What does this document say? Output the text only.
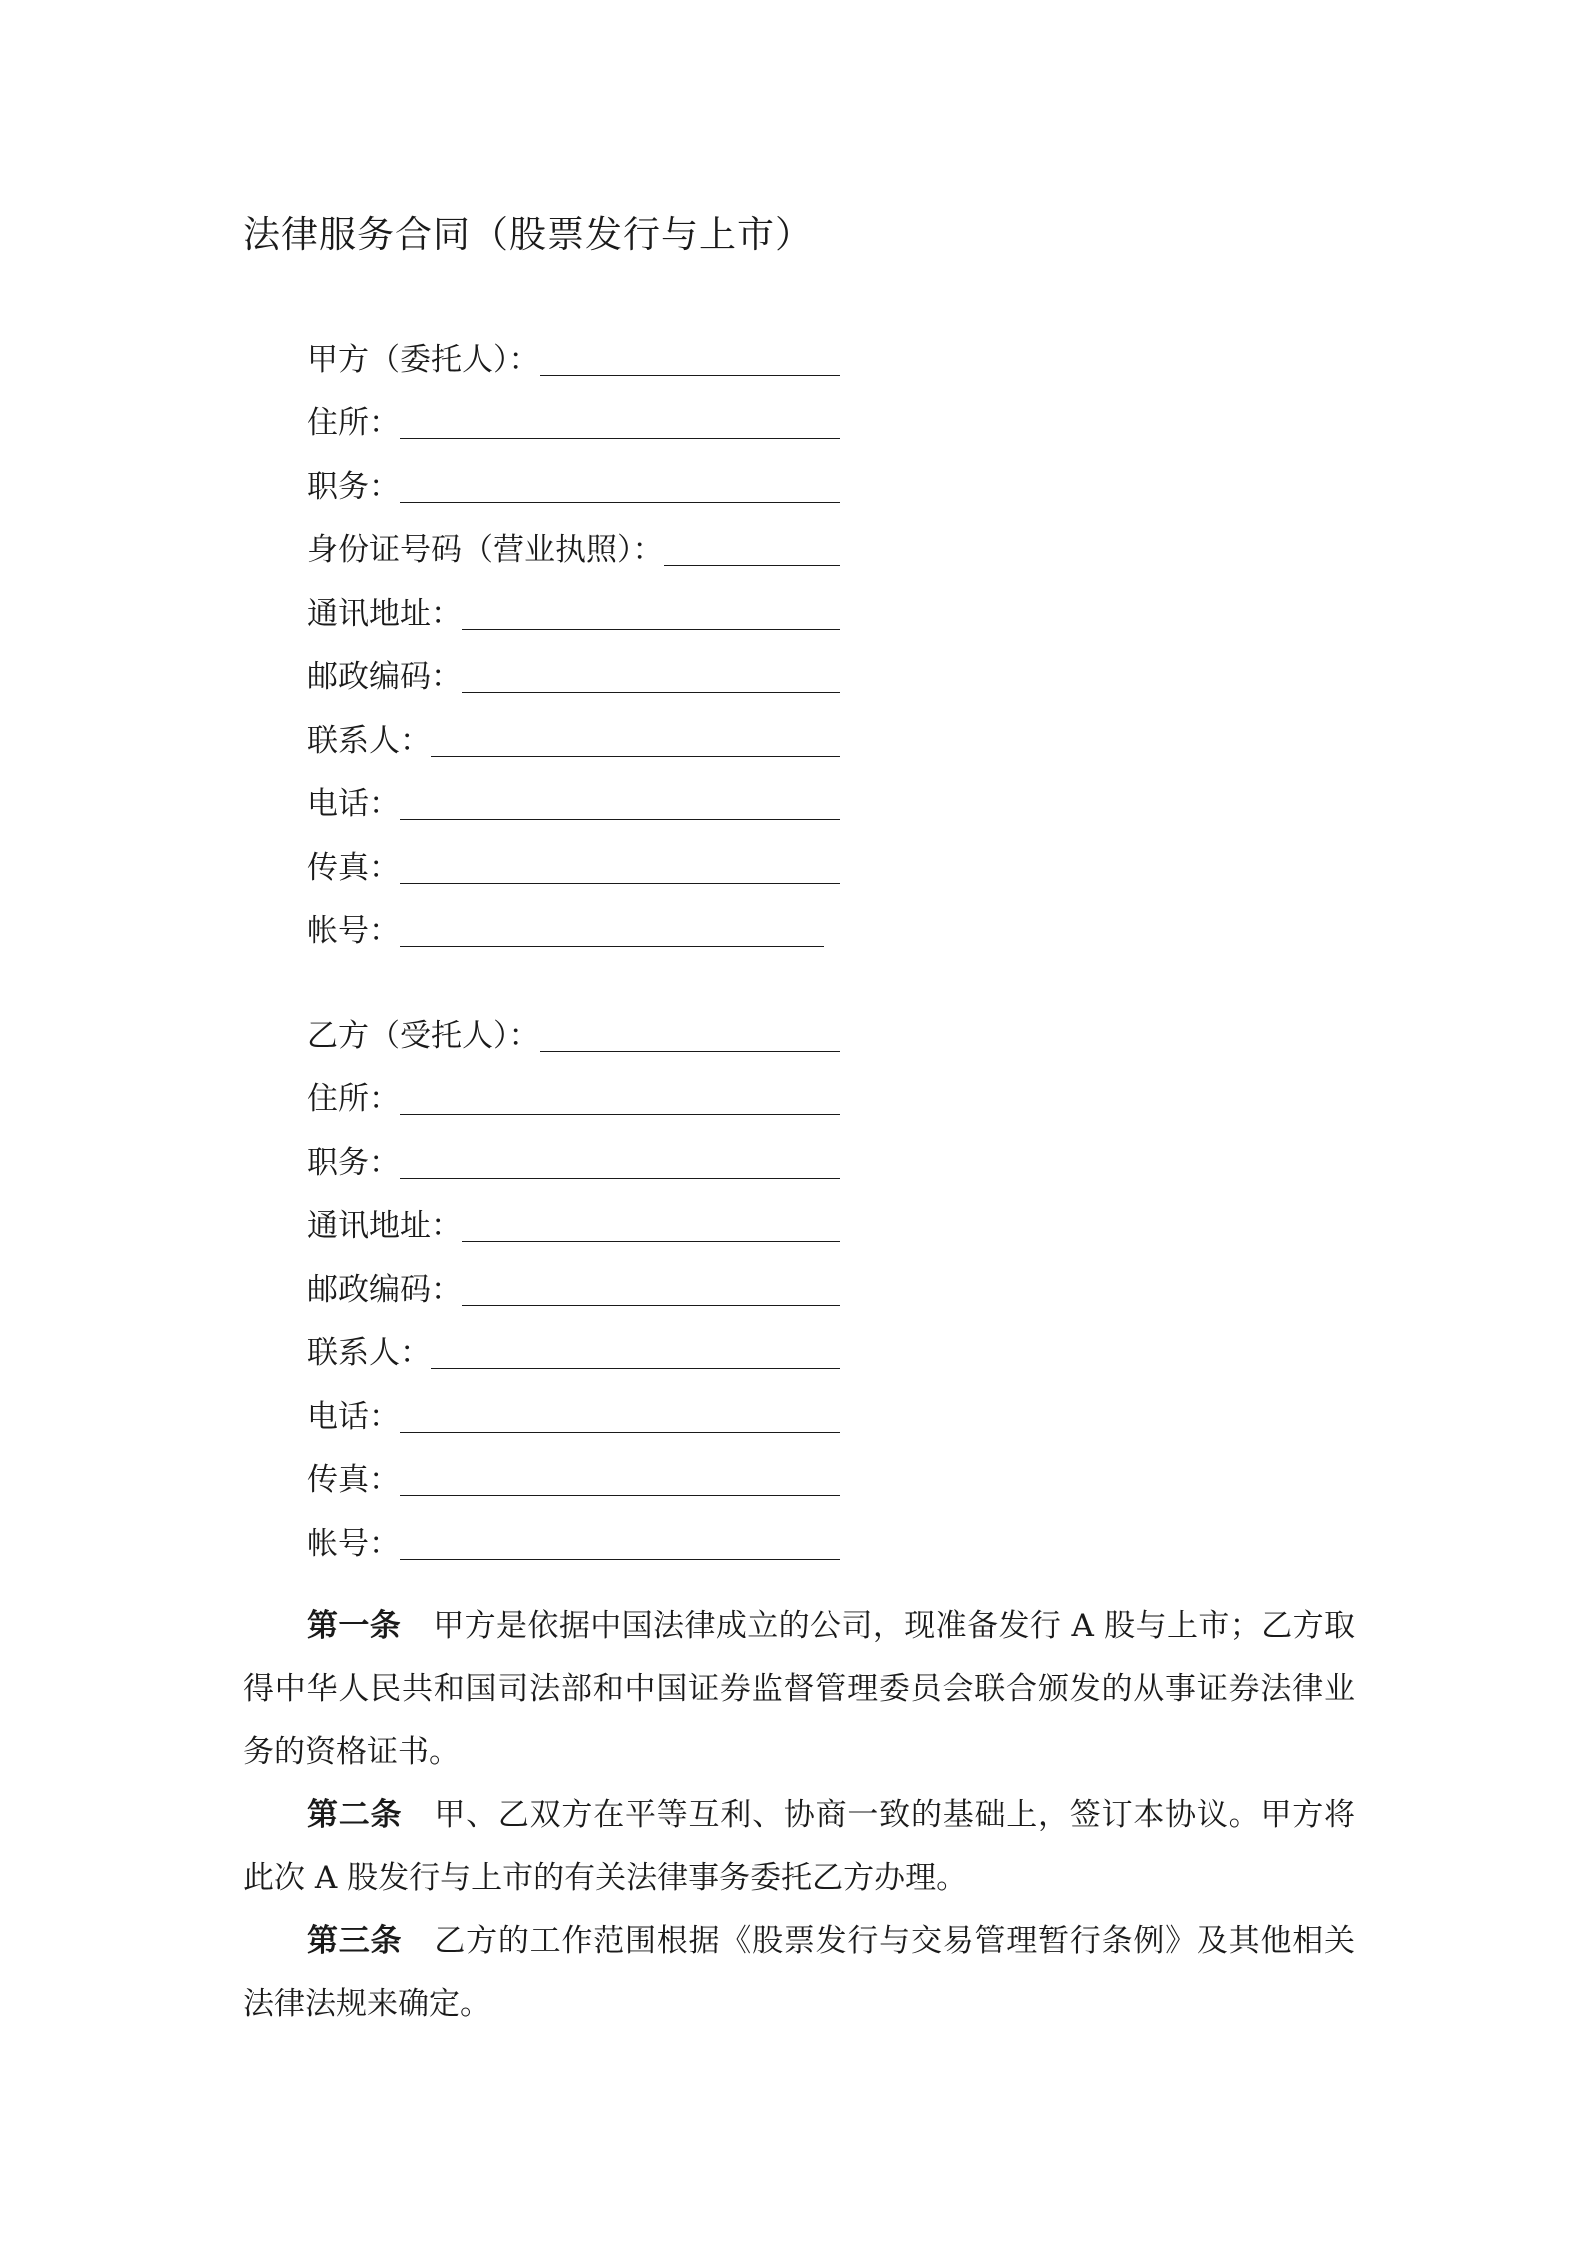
法律服务合同（股票发行与上市）
甲方（委托人）：
住所：
职务：
身份证号码（营业执照）：
通讯地址：
邮政编码：
联系人：
电话：
传真：
帐号：
乙方（受托人）：
住所：
职务：
通讯地址：
邮政编码：
联系人：
电话：
传真：
帐号：

第一条 甲方是依据中国法律成立的公司，现准备发行 A 股与上市；乙方取得中华人民共和国司法部和中国证券监督管理委员会联合颁发的从事证券法律业务的资格证书。

第二条 甲、乙双方在平等互利、协商一致的基础上，签订本协议。甲方将此次 A 股发行与上市的有关法律事务委托乙方办理。

第三条 乙方的工作范围根据《股票发行与交易管理暂行条例》及其他相关法律法规来确定。
